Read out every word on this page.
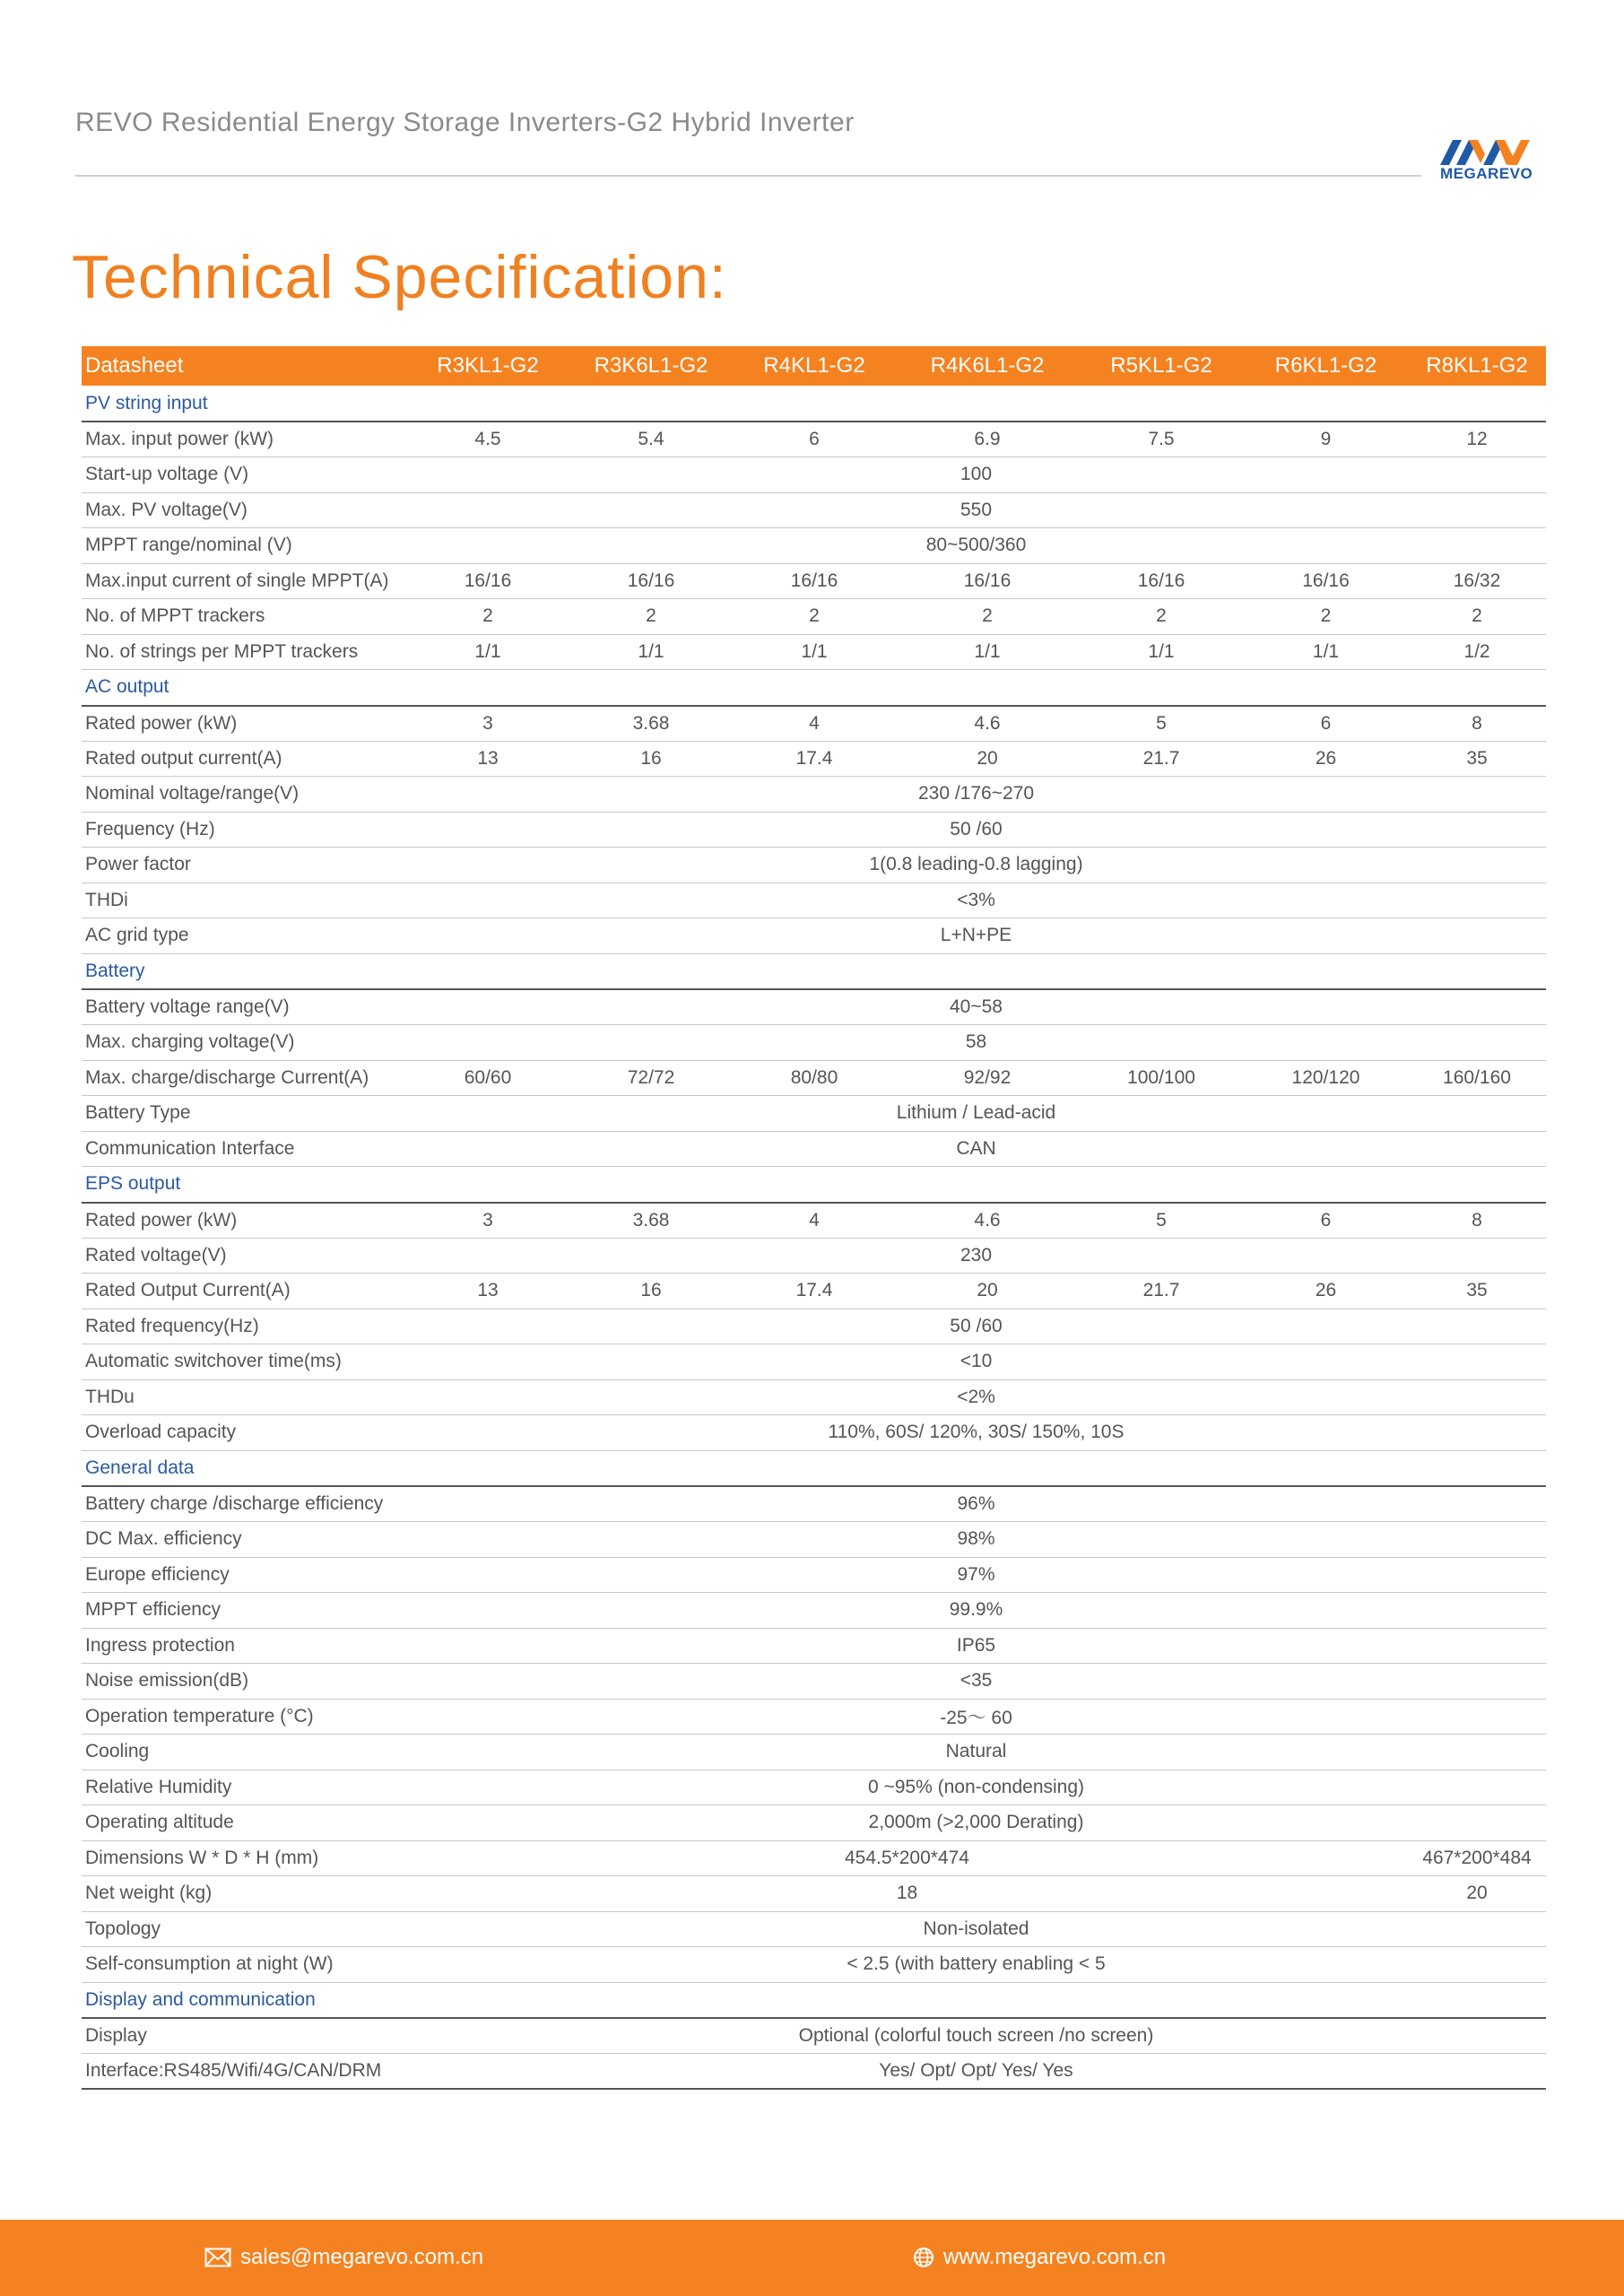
REVO Residential Energy Storage Inverters-G2 Hybrid Inverter
MEGAREVO
Technical Specification:
Datasheet	R3KL1-G2	R3K6L1-G2	R4KL1-G2	R4K6L1-G2	R5KL1-G2	R6KL1-G2	R8KL1-G2
PV string input							
Max. input power (kW)	4.5	5.4	6	6.9	7.5	9	12
Start-up voltage (V)	100						
Max. PV voltage(V)	550						
MPPT range/nominal (V)	80~500/360						
Max.input current of single MPPT(A)	16/16	16/16	16/16	16/16	16/16	16/16	16/32
No. of MPPT trackers	2	2	2	2	2	2	2
No. of strings per MPPT trackers	1/1	1/1	1/1	1/1	1/1	1/1	1/2
AC output							
Rated power (kW)	3	3.68	4	4.6	5	6	8
Rated output current(A)	13	16	17.4	20	21.7	26	35
Nominal voltage/range(V)	230 /176~270						
Frequency (Hz)	50 /60						
Power factor	1(0.8 leading-0.8 lagging)						
THDi	<3%						
AC grid type	L+N+PE						
Battery							
Battery voltage range(V)	40~58						
Max. charging voltage(V)	58						
Max. charge/discharge Current(A)	60/60	72/72	80/80	92/92	100/100	120/120	160/160
Battery Type	Lithium / Lead-acid						
Communication Interface	CAN						
EPS output							
Rated power (kW)	3	3.68	4	4.6	5	6	8
Rated voltage(V)	230						
Rated Output Current(A)	13	16	17.4	20	21.7	26	35
Rated frequency(Hz)	50 /60						
Automatic switchover time(ms)	<10						
THDu	<2%						
Overload capacity	110%, 60S/ 120%, 30S/ 150%, 10S						
General data							
Battery charge /discharge efficiency	96%						
DC Max. efficiency	98%						
Europe efficiency	97%						
MPPT efficiency	99.9%						
Ingress protection	IP65						
Noise emission(dB)	<35						
Operation temperature (°C)	-25〜 60						
Cooling	Natural						
Relative Humidity	0 ~95% (non-condensing)						
Operating altitude	2,000m (>2,000 Derating)						
Dimensions W * D * H (mm)	454.5*200*474						467*200*484
Net weight (kg)	18						20
Topology	Non-isolated						
Self-consumption at night (W)	< 2.5 (with battery enabling < 5						
Display and communication							
Display	Optional (colorful touch screen /no screen)						
Interface:RS485/Wifi/4G/CAN/DRM	Yes/ Opt/ Opt/ Yes/ Yes						
sales@megarevo.com.cn	www.megarevo.com.cn
